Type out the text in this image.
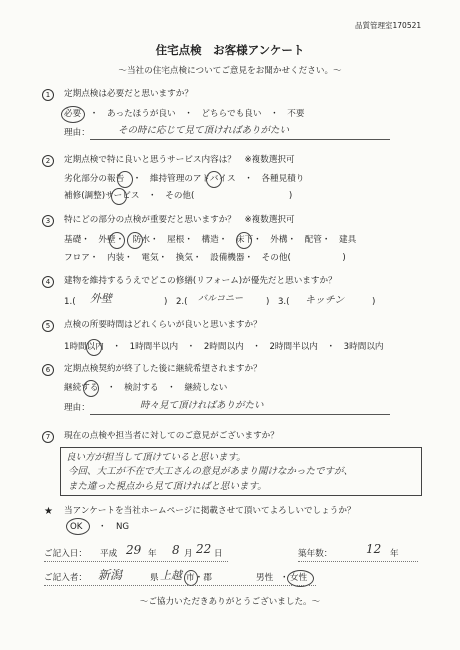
品質管理室170521
住宅点検　お客様アンケート
～当社の住宅点検についてご意見をお聞かせください。～
1	定期点検は必要だと思いますか？
必要　・　あったほうが良い　・　どちらでも良い　・　不要
理由：	その時に応じて見て頂ければありがたい
2	定期点検で特に良いと思うサービス内容は？　※複数選択可
劣化部分の報告　・　維持管理のアドバイス　・　各種見積り
補修(調整)サービス　・　その他(　　　　　　　　　　　)
3	特にどの部分の点検が重要だと思いますか？　※複数選択可
基礎・　外壁・　防水・　屋根・　構造・　床下・　外構・　配管・　建具
フロア・　内装・　電気・　換気・　設備機器・　その他(　　　　　　)
4	建物を維持するうえでどこの修繕(リフォーム)が優先だと思いますか？
1.( 外壁	)　2.( バルコニー	)　3.( キッチン	)
5	点検の所要時間はどれくらいが良いと思いますか？
1時間以内　・　1時間半以内　・　2時間以内　・　2時間半以内　・　3時間以内
6	定期点検契約が終了した後に継続希望されますか？
継続する　・　検討する　・　継続しない
理由：	時々見て頂ければありがたい
7	現在の点検や担当者に対してのご意見がございますか？
良い方が担当して頂けていると思います。
今回、大工が不在で大工さんの意見があまり聞けなかったですが、
また違った視点から見て頂ければと思います。
★ 当アンケートを当社ホームページに掲載させて頂いてよろしいでしょうか？
OK ・ NG
ご記入日： 平成 29 年 8 月 22 日	築年数：	12 年
ご記入者： 新潟	県 上越 市・郡	男性 ・ 女性
～ご協力いただきありがとうございました。～
